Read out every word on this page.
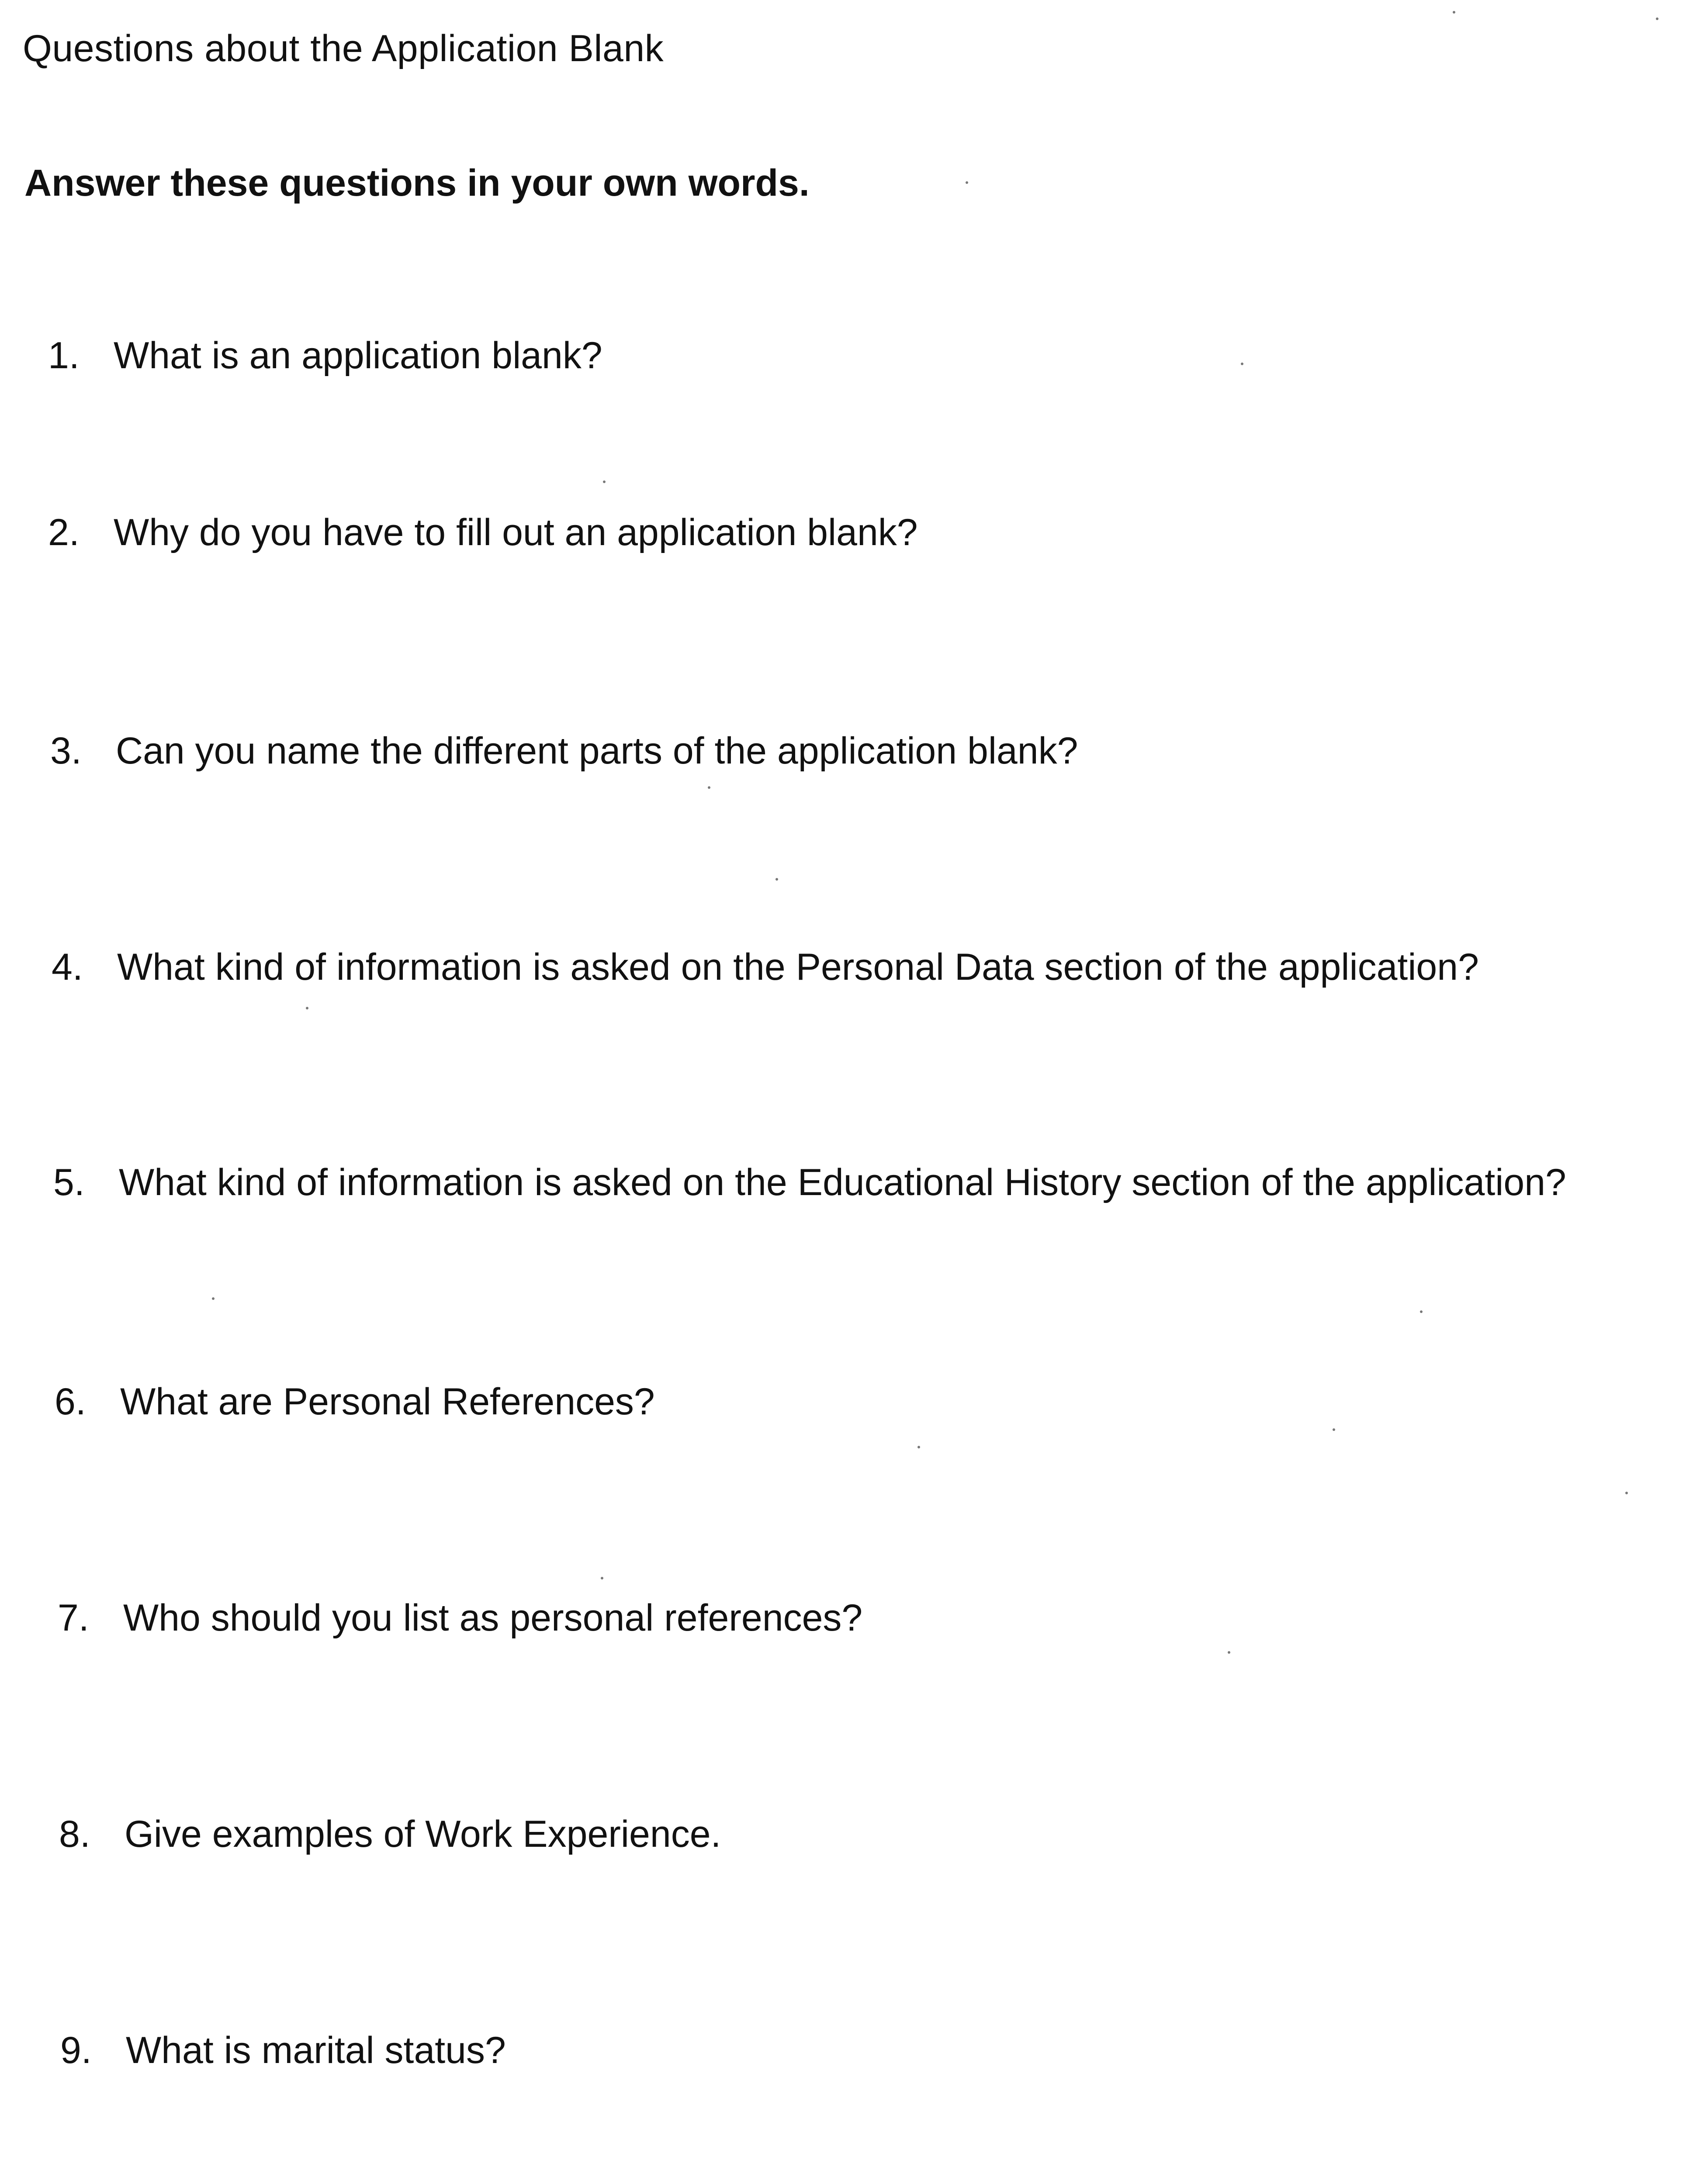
Questions about the Application Blank
Answer these questions in your own words.
1. What is an application blank?
2. Why do you have to fill out an application blank?
3. Can you name the different parts of the application blank?
4. What kind of information is asked on the Personal Data section of the application?
5. What kind of information is asked on the Educational History section of the application?
6. What are Personal References?
7. Who should you list as personal references?
8. Give examples of Work Experience.
9. What is marital status?
